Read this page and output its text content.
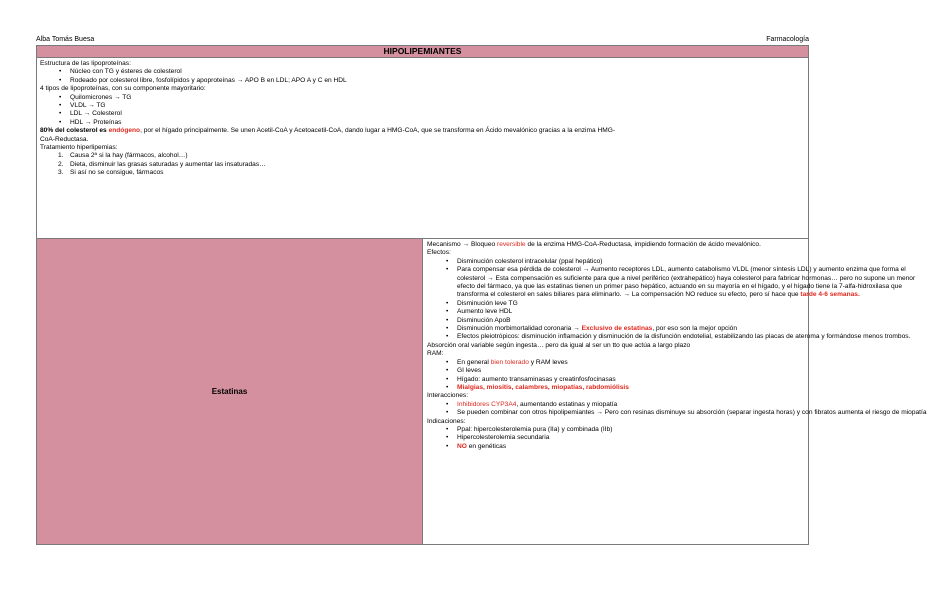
Alba Tomás Buesa	Farmacología
HIPOLIPEMIANTES

Estructura de las lipoproteínas:
• Núcleo con TG y ésteres de colesterol
• Rodeado por colesterol libre, fosfolípidos y apoproteínas → APO B en LDL; APO A y C en HDL
4 tipos de lipoproteínas, con su componente mayoritario:
• Quilomicrones → TG
• VLDL → TG
• LDL → Colesterol
• HDL → Proteínas
80% del colesterol es endógeno, por el hígado principalmente. Se unen Acetil-CoA y Acetoacetil-CoA, dando lugar a HMG-CoA, que se transforma en Ácido mevalónico gracias a la enzima HMG-
CoA-Reductasa.
Tratamiento hiperlipemias:
1. Causa 2ª si la hay (fármacos, alcohol…)
2. Dieta, disminuir las grasas saturadas y aumentar las insaturadas…
3. Si así no se consigue, fármacos

Estatinas	
Mecanismo → Bloqueo reversible de la enzima HMG-CoA-Reductasa, impidiendo formación de ácido mevalónico.
Efectos:
• Disminución colesterol intracelular (ppal hepático)
• Para compensar esa pérdida de colesterol → Aumento receptores LDL, aumento catabolismo VLDL (menor síntesis LDL) y aumento enzima que forma el
colesterol → Esta compensación es suficiente para que a nivel periférico (extrahepático) haya colesterol para fabricar hormonas… pero no supone un menor
efecto del fármaco, ya que las estatinas tienen un primer paso hepático, actuando en su mayoría en el hígado, y el hígado tiene la 7-alfa-hidroxilasa que
transforma el colesterol en sales biliares para eliminarlo. → La compensación NO reduce su efecto, pero sí hace que tarde 4-6 semanas.
• Disminución leve TG
• Aumento leve HDL
• Disminución ApoB
• Disminución morbimortalidad coronaria → Exclusivo de estatinas, por eso son la mejor opción
• Efectos pleiotrópicos: disminución inflamación y disminución de la disfunción endotelial, estabilizando las placas de ateroma y formándose menos trombos.
Absorción oral variable según ingesta… pero da igual al ser un tto que actúa a largo plazo
RAM:
• En general bien tolerado y RAM leves
• GI leves
• Hígado: aumento transaminasas y creatinfosfocinasas
• Mialgias, miositis, calambres, miopatías, rabdomiólisis
Interacciones:
• Inhibidores CYP3A4, aumentando estatinas y miopatía
• Se pueden combinar con otros hipolipemiantes → Pero con resinas disminuye su absorción (separar ingesta horas) y con fibratos aumenta el riesgo de miopatía
Indicaciones:
• Ppal: hipercolesterolemia pura (IIa) y combinada (IIb)
• Hipercolesterolemia secundaria
• NO en genéticas
